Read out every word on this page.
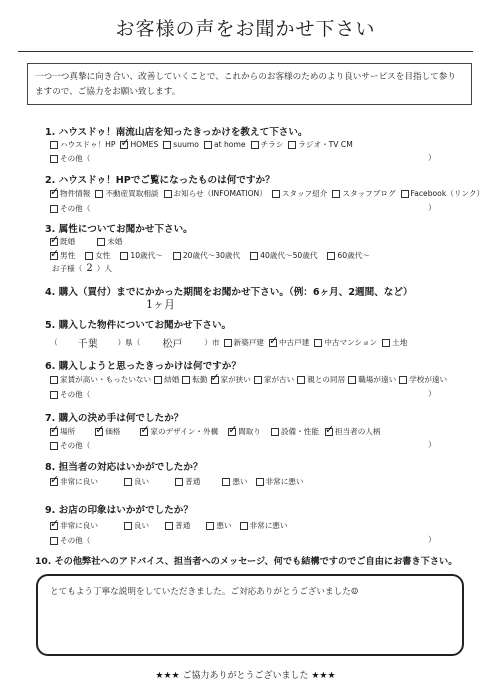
お客様の声をお聞かせ下さい
一つ一つ真摯に向き合い、改善していくことで、これからのお客様のためのより良いサービスを目指して参りますので、ご協力をお願い致します。
1. ハウスドゥ！南流山店を知ったきっかけを教えて下さい。
ハウスドゥ！HP ✓ HOMES suumo at home チラシ ラジオ・TV CM
その他（	）
2. ハウスドゥ！HPでご覧になったものは何ですか？
✓
物件情報 不動産買取相談 お知らせ（INFOMATION） スタッフ紹介 スタッフブログ Facebook（リンク）
その他（	）
3. 属性についてお聞かせ下さい。
✓
既婚	未婚
✓
男性	女性	10歳代〜	20歳代〜30歳代	40歳代〜50歳代	60歳代〜
お子様（ 2 ）人
4. 購入（買付）までにかかった期間をお聞かせ下さい。（例：6ヶ月、2週間、など）
1ヶ月
5. 購入した物件についてお聞かせ下さい。
（ 千葉	）県（ 松戸	）市 新築戸建 ✓ 中古戸建 中古マンション 土地
6. 購入しようと思ったきっかけは何ですか？
家賃が高い・もったいない 結婚 転勤 ✓ 家が狭い 家が古い 親との同居 職場が遠い 学校が遠い
その他（	）
7. 購入の決め手は何でしたか？
✓
場所 ✓	価格 ✓	家のデザイン・外構 ✓	間取り	設備・性能 ✓ 担当者の人柄
その他（	）
8. 担当者の対応はいかがでしたか？
✓
非常に良い	良い	普通	悪い 非常に悪い
9. お店の印象はいかがでしたか？
✓
非常に良い	良い	普通	悪い 非常に悪い
その他（	）
10. その他弊社へのアドバイス、担当者へのメッセージ、何でも結構ですのでご自由にお書き下さい。
とてもよう丁寧な説明をしていただきました。ご対応ありがとうございました☺
★★★ ご協力ありがとうございました ★★★
